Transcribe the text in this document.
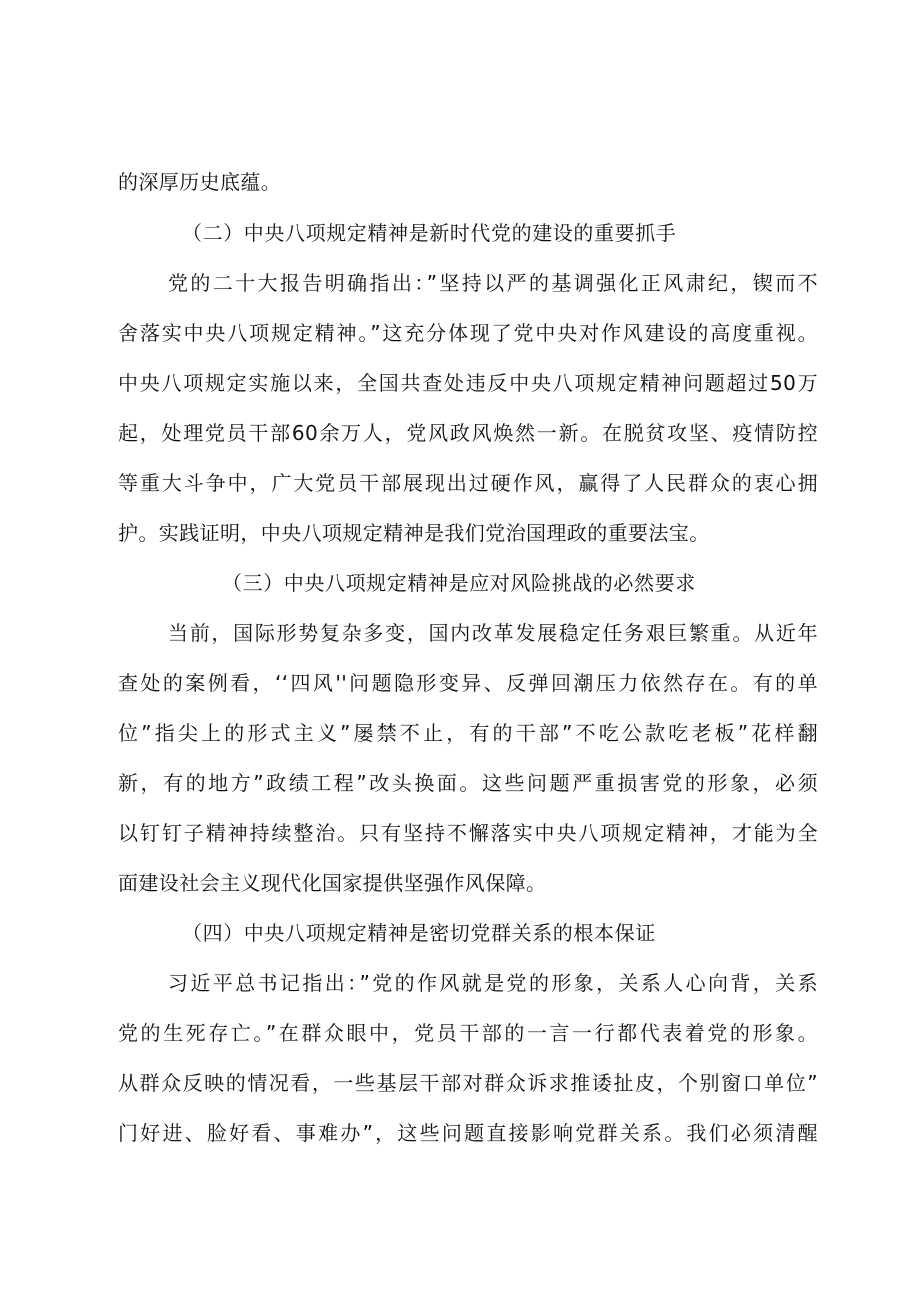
的深厚历史底蕴。
（二）中央八项规定精神是新时代党的建设的重要抓手
党的二十大报告明确指出：”坚持以严的基调强化正风肃纪，锲而不
舍落实中央八项规定精神。”这充分体现了党中央对作风建设的高度重视。
中央八项规定实施以来，全国共查处违反中央八项规定精神问题超过50万
起，处理党员干部60余万人，党风政风焕然一新。在脱贫攻坚、疫情防控
等重大斗争中，广大党员干部展现出过硬作风，赢得了人民群众的衷心拥
护。实践证明，中央八项规定精神是我们党治国理政的重要法宝。
（三）中央八项规定精神是应对风险挑战的必然要求
当前，国际形势复杂多变，国内改革发展稳定任务艰巨繁重。从近年
查处的案例看，‘‘四风''问题隐形变异、反弹回潮压力依然存在。有的单
位”指尖上的形式主义”屡禁不止，有的干部”不吃公款吃老板”花样翻
新，有的地方”政绩工程”改头换面。这些问题严重损害党的形象，必须
以钉钉子精神持续整治。只有坚持不懈落实中央八项规定精神，才能为全
面建设社会主义现代化国家提供坚强作风保障。
（四）中央八项规定精神是密切党群关系的根本保证
习近平总书记指出：”党的作风就是党的形象，关系人心向背，关系
党的生死存亡。”在群众眼中，党员干部的一言一行都代表着党的形象。
从群众反映的情况看，一些基层干部对群众诉求推诿扯皮，个别窗口单位”
门好进、脸好看、事难办”，这些问题直接影响党群关系。我们必须清醒
